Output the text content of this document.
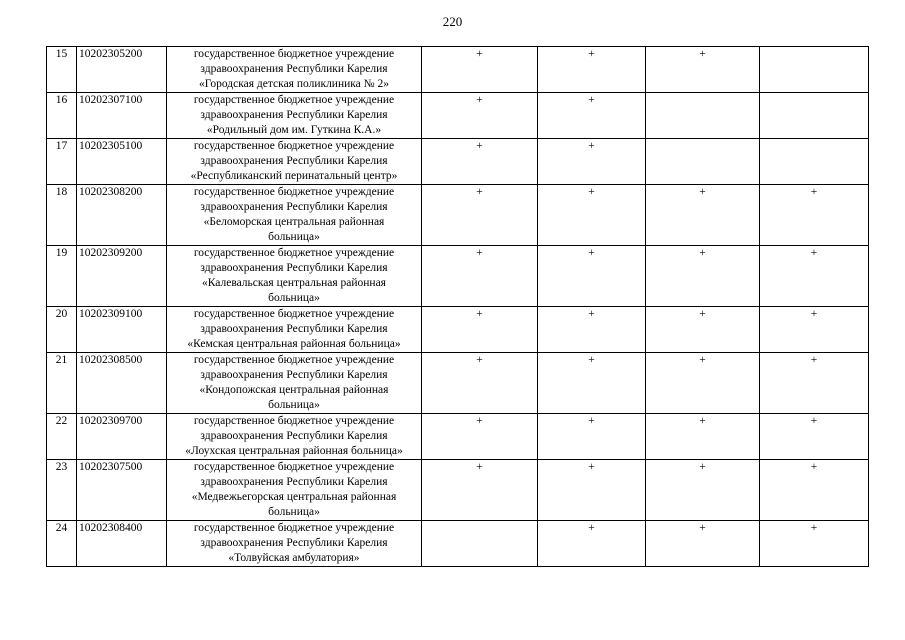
220
15	10202305200	государственное бюджетное учреждение
здравоохранения Республики Карелия
«Городская детская поликлиника № 2»	+	+	+	
16	10202307100	государственное бюджетное учреждение
здравоохранения Республики Карелия
«Родильный дом им. Гуткина К.А.»	+	+		
17	10202305100	государственное бюджетное учреждение
здравоохранения Республики Карелия
«Республиканский перинатальный центр»	+	+		
18	10202308200	государственное бюджетное учреждение
здравоохранения Республики Карелия
«Беломорская центральная районная
больница»	+	+	+	+
19	10202309200	государственное бюджетное учреждение
здравоохранения Республики Карелия
«Калевальская центральная районная
больница»	+	+	+	+
20	10202309100	государственное бюджетное учреждение
здравоохранения Республики Карелия
«Кемская центральная районная больница»	+	+	+	+
21	10202308500	государственное бюджетное учреждение
здравоохранения Республики Карелия
«Кондопожская центральная районная
больница»	+	+	+	+
22	10202309700	государственное бюджетное учреждение
здравоохранения Республики Карелия
«Лоухская центральная районная больница»	+	+	+	+
23	10202307500	государственное бюджетное учреждение
здравоохранения Республики Карелия
«Медвежьегорская центральная районная
больница»	+	+	+	+
24	10202308400	государственное бюджетное учреждение
здравоохранения Республики Карелия
«Толвуйская амбулатория»		+	+	+
